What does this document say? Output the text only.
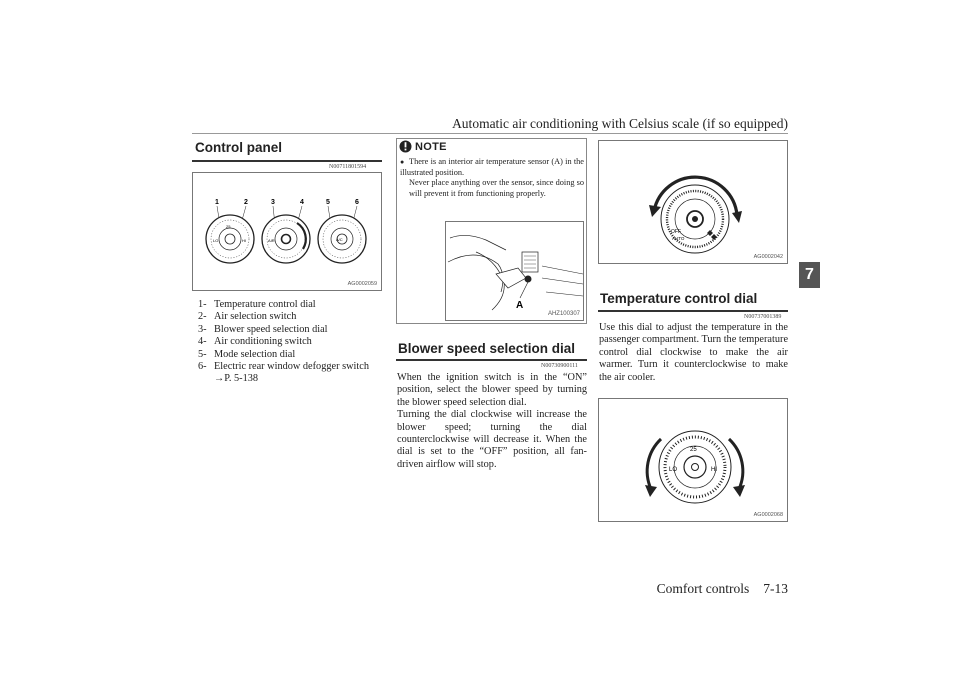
Automatic air conditioning with Celsius scale (if so equipped)
7
Control panel
N00711801594
1	2	3	4	5	6
LO	HI
25
AIR	A/C
AG0002059
1- Temperature control dial
2- Air selection switch
3- Blower speed selection dial
4- Air conditioning switch
5- Mode selection dial
6- Electric rear window defogger switch
→P. 5-138
NOTE
● There is an interior air temperature sensor (A) in the illustrated position.
Never place anything over the sensor, since doing so will prevent it from functioning properly.
A
AHZ100307
Blower speed selection dial
N00730900111
When the ignition switch is in the “ON” position, select the blower speed by turning the blower speed selection dial.
Turning the dial clockwise will increase the blower speed; turning the dial counterclockwise will decrease it. When the dial is set to the “OFF” position, all fan-driven airflow will stop.
OFF
AUTO
AG0002042
Temperature control dial
N00737001389
Use this dial to adjust the temperature in the passenger compartment. Turn the temperature control dial clockwise to make the air warmer. Turn it counterclockwise to make the air cooler.
LO	HI
25
AG0002068
Comfort controls 7-13
